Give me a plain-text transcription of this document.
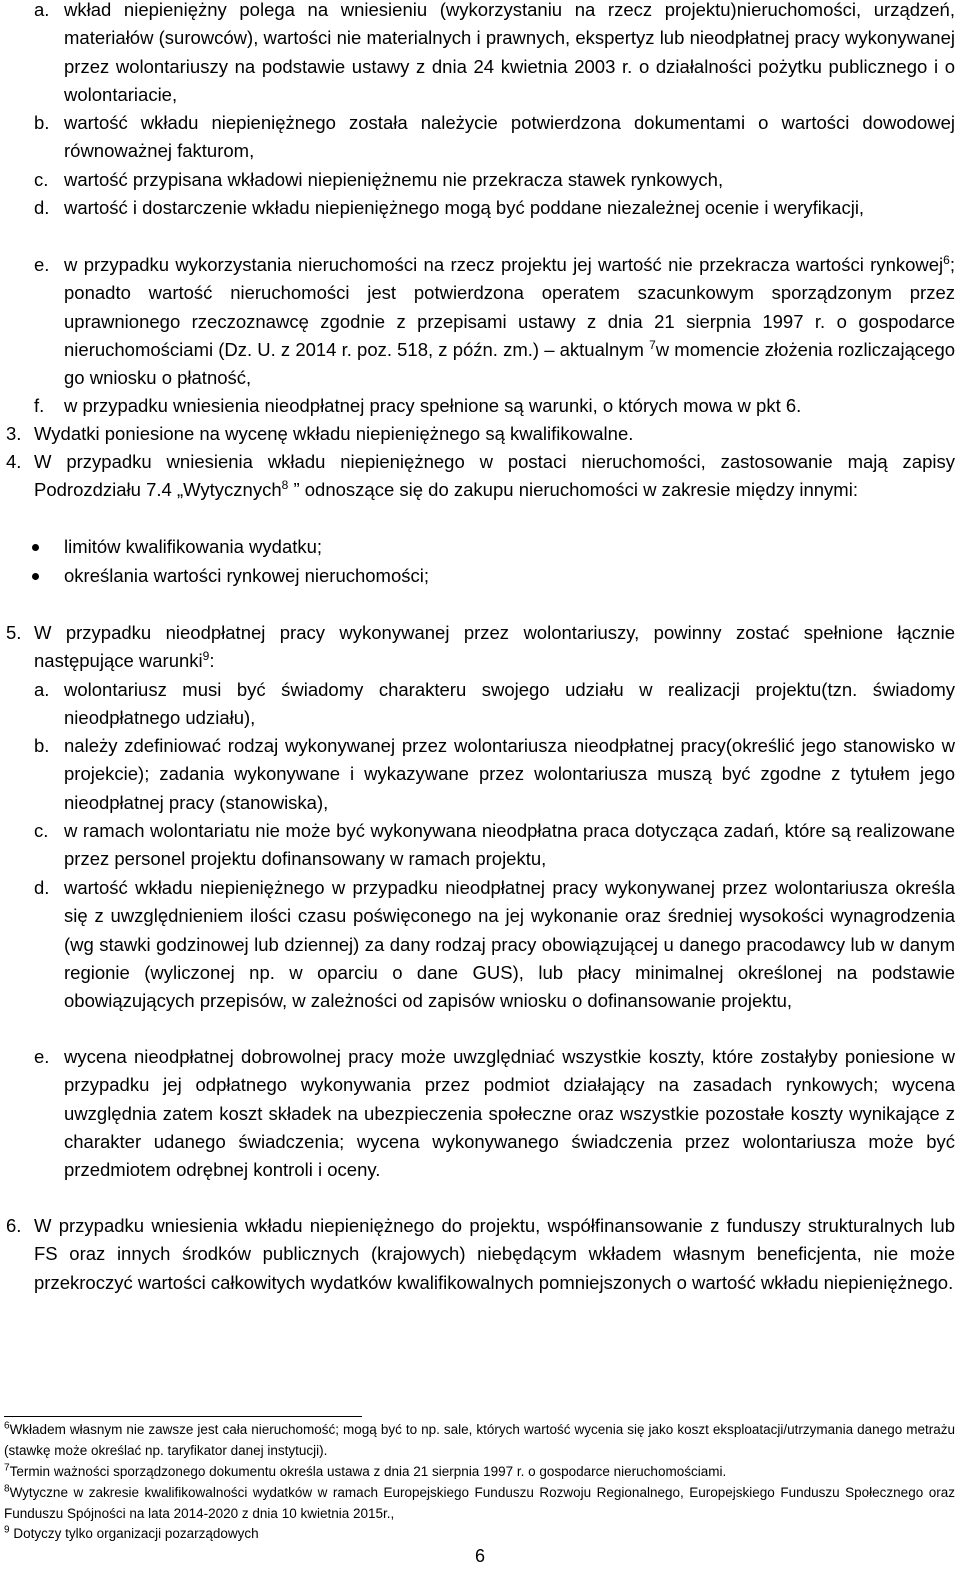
a. wkład niepieniężny polega na wniesieniu (wykorzystaniu na rzecz projektu)nieruchomości, urządzeń, materiałów (surowców), wartości nie materialnych i prawnych, ekspertyz lub nieodpłatnej pracy wykonywanej przez wolontariuszy na podstawie ustawy z dnia 24 kwietnia 2003 r. o działalności pożytku publicznego i o wolontariacie,
b. wartość wkładu niepieniężnego została należycie potwierdzona dokumentami o wartości dowodowej równoważnej fakturom,
c. wartość przypisana wkładowi niepieniężnemu nie przekracza stawek rynkowych,
d. wartość i dostarczenie wkładu niepieniężnego mogą być poddane niezależnej ocenie i weryfikacji,
e. w przypadku wykorzystania nieruchomości na rzecz projektu jej wartość nie przekracza wartości rynkowej$^6$; ponadto wartość nieruchomości jest potwierdzona operatem szacunkowym sporządzonym przez uprawnionego rzeczoznawcę zgodnie z przepisami ustawy z dnia 21 sierpnia 1997 r. o gospodarce nieruchomościami (Dz. U. z 2014 r. poz. 518, z późn. zm.) – aktualnym $^7$w momencie złożenia rozliczającego go wniosku o płatność,
f. w przypadku wniesienia nieodpłatnej pracy spełnione są warunki, o których mowa w pkt 6.
3. Wydatki poniesione na wycenę wkładu niepieniężnego są kwalifikowalne.
4. W przypadku wniesienia wkładu niepieniężnego w postaci nieruchomości, zastosowanie mają zapisy Podrozdziału 7.4 „Wytycznych$^8$ ” odnoszące się do zakupu nieruchomości w zakresie między innymi:
limitów kwalifikowania wydatku;
określania wartości rynkowej nieruchomości;
5. W przypadku nieodpłatnej pracy wykonywanej przez wolontariuszy, powinny zostać spełnione łącznie następujące warunki$^9$:
a. wolontariusz musi być świadomy charakteru swojego udziału w realizacji projektu(tzn. świadomy nieodpłatnego udziału),
b. należy zdefiniować rodzaj wykonywanej przez wolontariusza nieodpłatnej pracy(określić jego stanowisko w projekcie); zadania wykonywane i wykazywane przez wolontariusza muszą być zgodne z tytułem jego nieodpłatnej pracy (stanowiska),
c. w ramach wolontariatu nie może być wykonywana nieodpłatna praca dotycząca zadań, które są realizowane przez personel projektu dofinansowany w ramach projektu,
d. wartość wkładu niepieniężnego w przypadku nieodpłatnej pracy wykonywanej przez wolontariusza określa się z uwzględnieniem ilości czasu poświęconego na jej wykonanie oraz średniej wysokości wynagrodzenia (wg stawki godzinowej lub dziennej) za dany rodzaj pracy obowiązującej u danego pracodawcy lub w danym regionie (wyliczonej np. w oparciu o dane GUS), lub płacy minimalnej określonej na podstawie obowiązujących przepisów, w zależności od zapisów wniosku o dofinansowanie projektu,
e. wycena nieodpłatnej dobrowolnej pracy może uwzględniać wszystkie koszty, które zostałyby poniesione w przypadku jej odpłatnego wykonywania przez podmiot działający na zasadach rynkowych; wycena uwzględnia zatem koszt składek na ubezpieczenia społeczne oraz wszystkie pozostałe koszty wynikające z charakter udanego świadczenia; wycena wykonywanego świadczenia przez wolontariusza może być przedmiotem odrębnej kontroli i oceny.
6. W przypadku wniesienia wkładu niepieniężnego do projektu, współfinansowanie z funduszy strukturalnych lub FS oraz innych środków publicznych (krajowych) niebędącym wkładem własnym beneficjenta, nie może przekroczyć wartości całkowitych wydatków kwalifikowalnych pomniejszonych o wartość wkładu niepieniężnego.
$^6$Wkładem własnym nie zawsze jest cała nieruchomość; mogą być to np. sale, których wartość wycenia się jako koszt eksploatacji/utrzymania danego metrażu (stawkę może określać np. taryfikator danej instytucji).
$^7$Termin ważności sporządzonego dokumentu określa ustawa z dnia 21 sierpnia 1997 r. o gospodarce nieruchomościami.
$^8$Wytyczne w zakresie kwalifikowalności wydatków w ramach Europejskiego Funduszu Rozwoju Regionalnego, Europejskiego Funduszu Społecznego oraz Funduszu Spójności na lata 2014-2020 z dnia 10 kwietnia 2015r.,
$^9$ Dotyczy tylko organizacji pozarządowych
6
